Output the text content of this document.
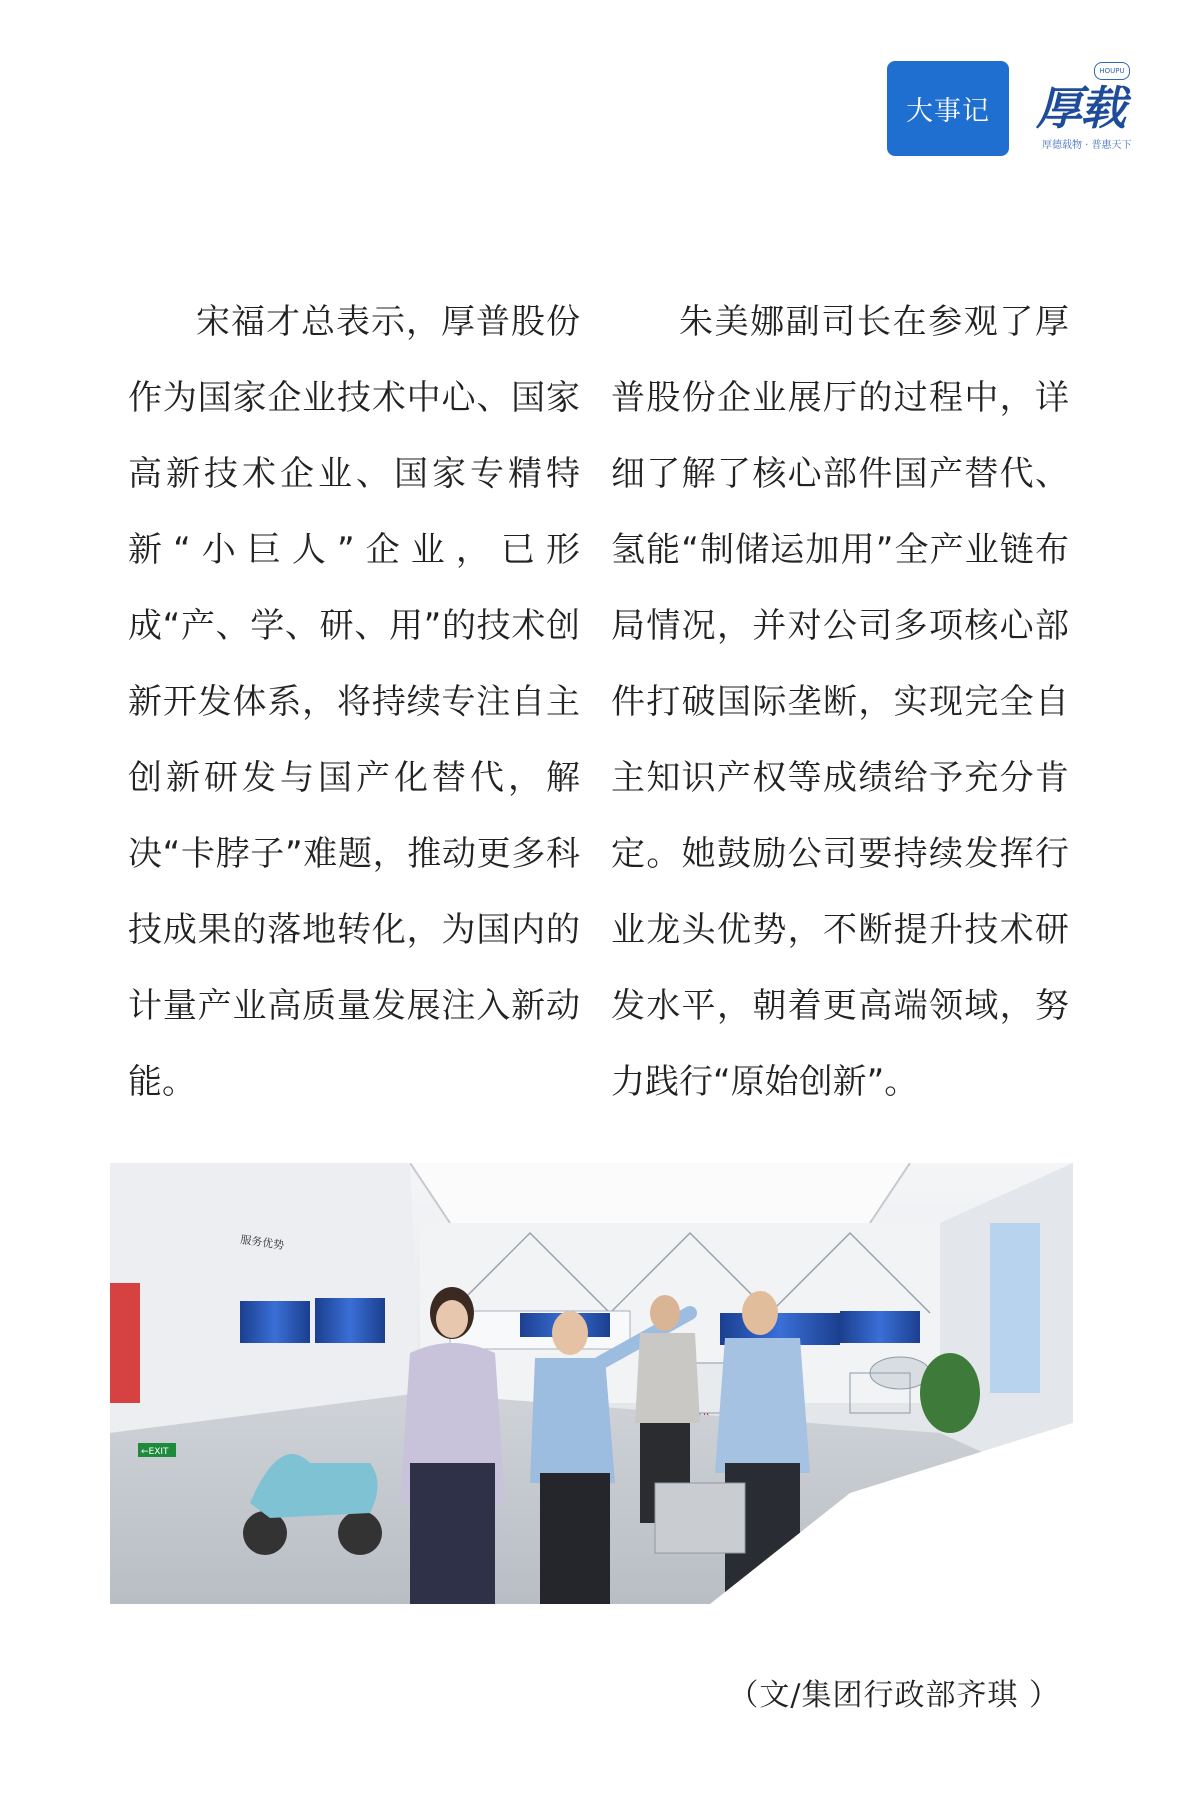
大事记
HOUPU
厚载
厚德载物 · 普惠天下

宋福才总表示，厚普股份作为国家企业技术中心、国家高新技术企业、国家专精特新“小巨人”企业，已形成“产、学、研、用”的技术创新开发体系，将持续专注自主创新研发与国产化替代，解决“卡脖子”难题，推动更多科技成果的落地转化，为国内的计量产业高质量发展注入新动能。

朱美娜副司长在参观了厚普股份企业展厅的过程中，详细了解了核心部件国产替代、氢能“制储运加用”全产业链布局情况，并对公司多项核心部件打破国际垄断，实现完全自主知识产权等成绩给予充分肯定。她鼓励公司要持续发挥行业龙头优势，不断提升技术研发水平，朝着更高端领域，努力践行“原始创新”。

服务优势
←EXIT
（文/集团行政部齐琪 ）
